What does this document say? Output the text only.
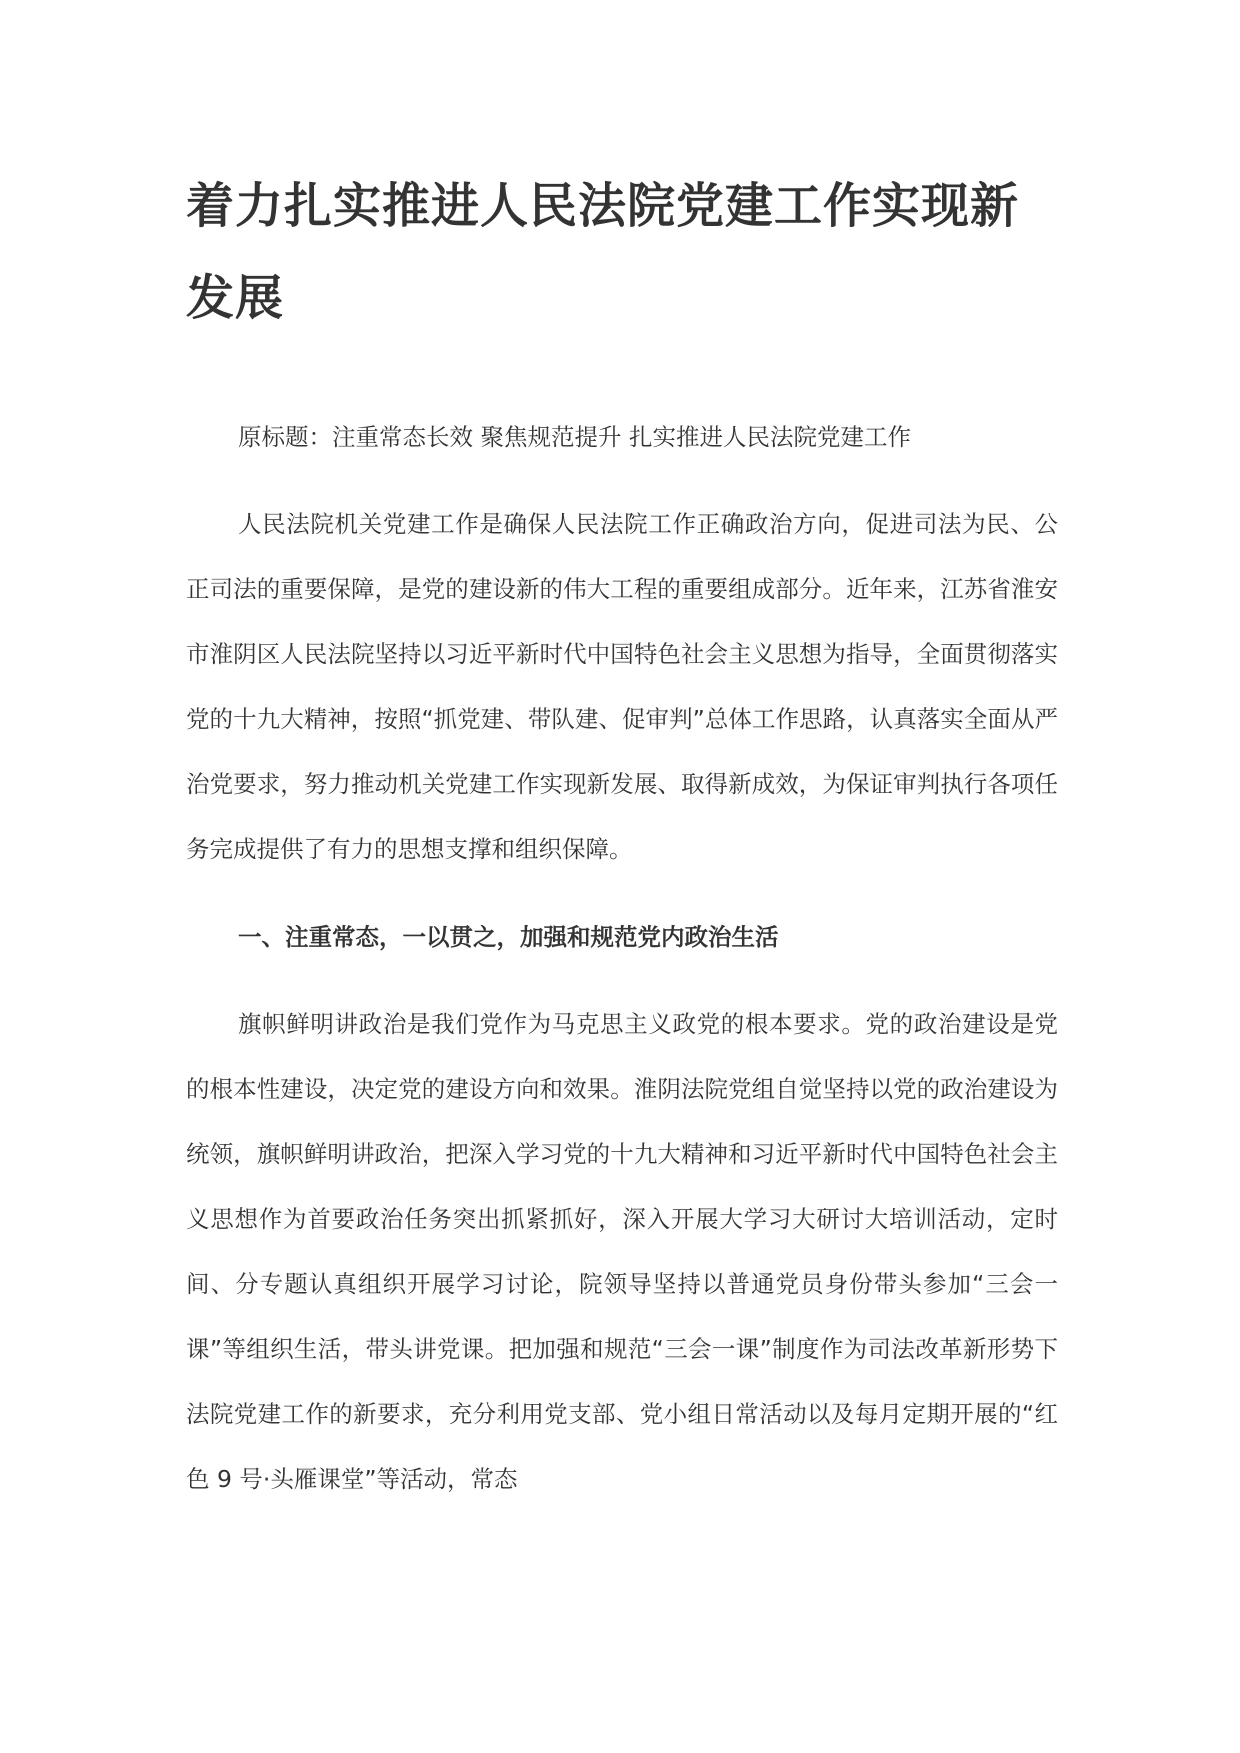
着力扎实推进人民法院党建工作实现新发展

原标题：注重常态长效 聚焦规范提升 扎实推进人民法院党建工作

人民法院机关党建工作是确保人民法院工作正确政治方向，促进司法为民、公正司法的重要保障，是党的建设新的伟大工程的重要组成部分。近年来，江苏省淮安市淮阴区人民法院坚持以习近平新时代中国特色社会主义思想为指导，全面贯彻落实党的十九大精神，按照“抓党建、带队建、促审判”总体工作思路，认真落实全面从严治党要求，努力推动机关党建工作实现新发展、取得新成效，为保证审判执行各项任务完成提供了有力的思想支撑和组织保障。

一、注重常态，一以贯之，加强和规范党内政治生活

旗帜鲜明讲政治是我们党作为马克思主义政党的根本要求。党的政治建设是党的根本性建设，决定党的建设方向和效果。淮阴法院党组自觉坚持以党的政治建设为统领，旗帜鲜明讲政治，把深入学习党的十九大精神和习近平新时代中国特色社会主义思想作为首要政治任务突出抓紧抓好，深入开展大学习大研讨大培训活动，定时间、分专题认真组织开展学习讨论，院领导坚持以普通党员身份带头参加“三会一课”等组织生活，带头讲党课。把加强和规范“三会一课”制度作为司法改革新形势下法院党建工作的新要求，充分利用党支部、党小组日常活动以及每月定期开展的“红色 9 号·头雁课堂”等活动，常态
